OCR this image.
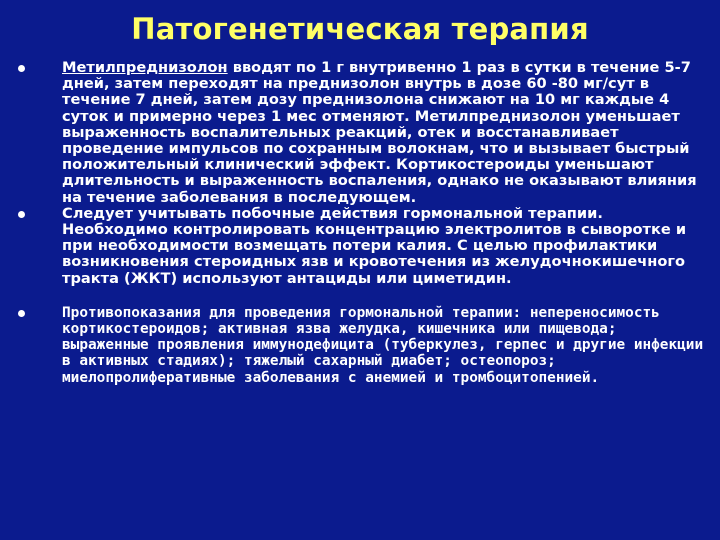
Патогенетическая терапия
Метилпреднизолон вводят по 1 г внутривенно 1 раз в сутки в течение 5-7 дней, затем переходят на преднизолон внутрь в дозе 60 -80 мг/сут в течение 7 дней, затем дозу преднизолона снижают на 10 мг каждые 4 суток и примерно через 1 мес отменяют. Метилпреднизолон уменьшает выраженность воспалительных реакций, отек и восстанавливает проведение импульсов по сохранным волокнам, что и вызывает быстрый положительный клинический эффект. Кортикостероиды уменьшают длительность и выраженность воспаления, однако не оказывают влияния на течение заболевания в последующем.
Следует учитывать побочные действия гормональной терапии. Необходимо контролировать концентрацию электролитов в сыворотке и при необходимости возмещать потери калия. С целью профилактики возникновения стероидных язв и кровотечения из желудочнокишечного тракта (ЖКТ) используют антациды или циметидин.
Противопоказания для проведения гормональной терапии: непереносимость кортикостероидов; активная язва желудка, кишечника или пищевода; выраженные проявления иммунодефицита (туберкулез, герпес и другие инфекции в активных стадиях); тяжелый сахарный диабет; остеопороз; миелопролиферативные заболевания с анемией и тромбоцитопенией.
